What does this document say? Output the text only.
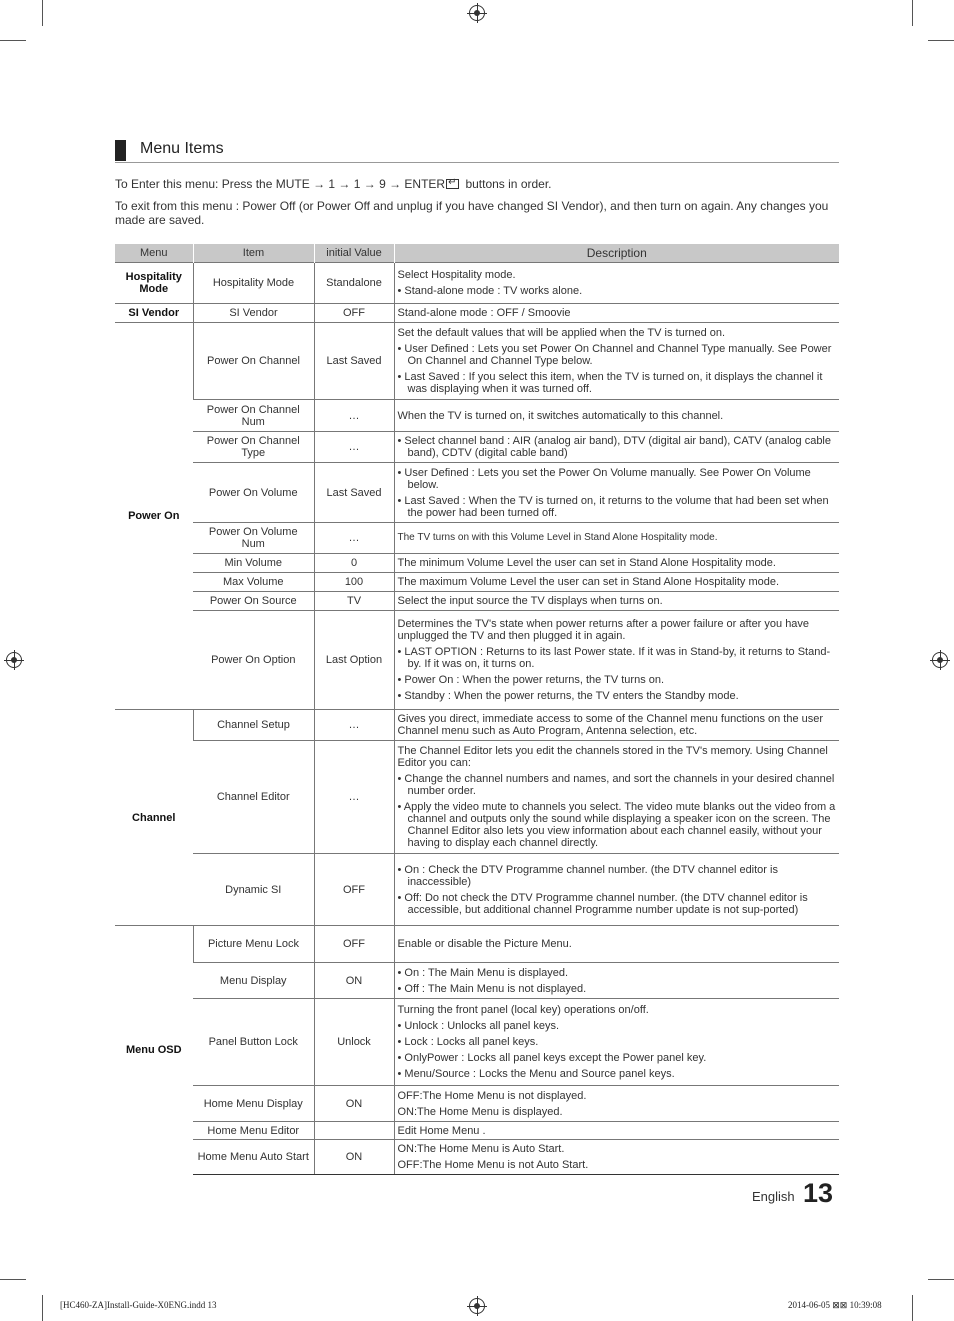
Menu Items
To Enter this menu: Press the MUTE → 1 → 1 → 9 → ENTER↵ buttons in order.
To exit from this menu : Power Off (or Power Off and unplug if you have changed SI Vendor), and then turn on again. Any changes you made are saved.
Menu	Item	initial Value	Description
Hospitality Mode	Hospitality Mode	Standalone	Select Hospitality mode.

• Stand-alone mode : TV works alone.

SI Vendor	SI Vendor	OFF	Stand-alone mode : OFF / Smoovie
Power On	Power On Channel	Last Saved	Set the default values that will be applied when the TV is turned on.

• User Defined : Lets you set Power On Channel and Channel Type manually. See Power On Channel and Channel Type below.

• Last Saved : If you select this item, when the TV is turned on, it displays the channel it was displaying when it was turned off.

	Power On Channel Num	…	When the TV is turned on, it switches automatically to this channel.
	Power On Channel Type	…	• Select channel band : AIR (analog air band), DTV (digital air band), CATV (analog cable band), CDTV (digital cable band)

	Power On Volume	Last Saved	• User Defined : Lets you set the Power On Volume manually. See Power On Volume below.

• Last Saved : When the TV is turned on, it returns to the volume that had been set when the power had been turned off.

	Power On Volume Num	…	The TV turns on with this Volume Level in Stand Alone Hospitality mode.
	Min Volume	0	The minimum Volume Level the user can set in Stand Alone Hospitality mode.
	Max Volume	100	The maximum Volume Level the user can set in Stand Alone Hospitality mode.
	Power On Source	TV	Select the input source the TV displays when turns on.
	Power On Option	Last Option	Determines the TV's state when power returns after a power failure or after you have unplugged the TV and then plugged it in again.

• LAST OPTION : Returns to its last Power state. If it was in Stand-by, it returns to Stand-by. If it was on, it turns on.

• Power On : When the power returns, the TV turns on.

• Standby : When the power returns, the TV enters the Standby mode.

Channel	Channel Setup	…	Gives you direct, immediate access to some of the Channel menu functions on the user Channel menu such as Auto Program, Antenna selection, etc.
	Channel Editor	…	The Channel Editor lets you edit the channels stored in the TV's memory. Using Channel Editor you can:

• Change the channel numbers and names, and sort the channels in your desired channel number order.

• Apply the video mute to channels you select. The video mute blanks out the video from a channel and outputs only the sound while displaying a speaker icon on the screen. The Channel Editor also lets you view information about each channel easily, without your having to display each channel directly.

	Dynamic SI	OFF	• On : Check the DTV Programme channel number. (the DTV channel editor is inaccessible)

• Off: Do not check the DTV Programme channel number. (the DTV channel editor is accessible, but additional channel Programme number update is not sup-ported)

Menu OSD	Picture Menu Lock	OFF	Enable or disable the Picture Menu.
	Menu Display	ON	• On : The Main Menu is displayed.

• Off : The Main Menu is not displayed.

	Panel Button Lock	Unlock	Turning the front panel (local key) operations on/off.

• Unlock : Unlocks all panel keys.

• Lock : Locks all panel keys.

• OnlyPower : Locks all panel keys except the Power panel key.

• Menu/Source : Locks the Menu and Source panel keys.

	Home Menu Display	ON	OFF:The Home Menu is not displayed.

ON:The Home Menu is displayed.

	Home Menu Editor		Edit Home Menu .
	Home Menu Auto Start	ON	ON:The Home Menu is Auto Start.

OFF:The Home Menu is not Auto Start.

English 13
[HC460-ZA]Install-Guide-X0ENG.indd 13	2014-06-05 ⊠⊠ 10:39:08
